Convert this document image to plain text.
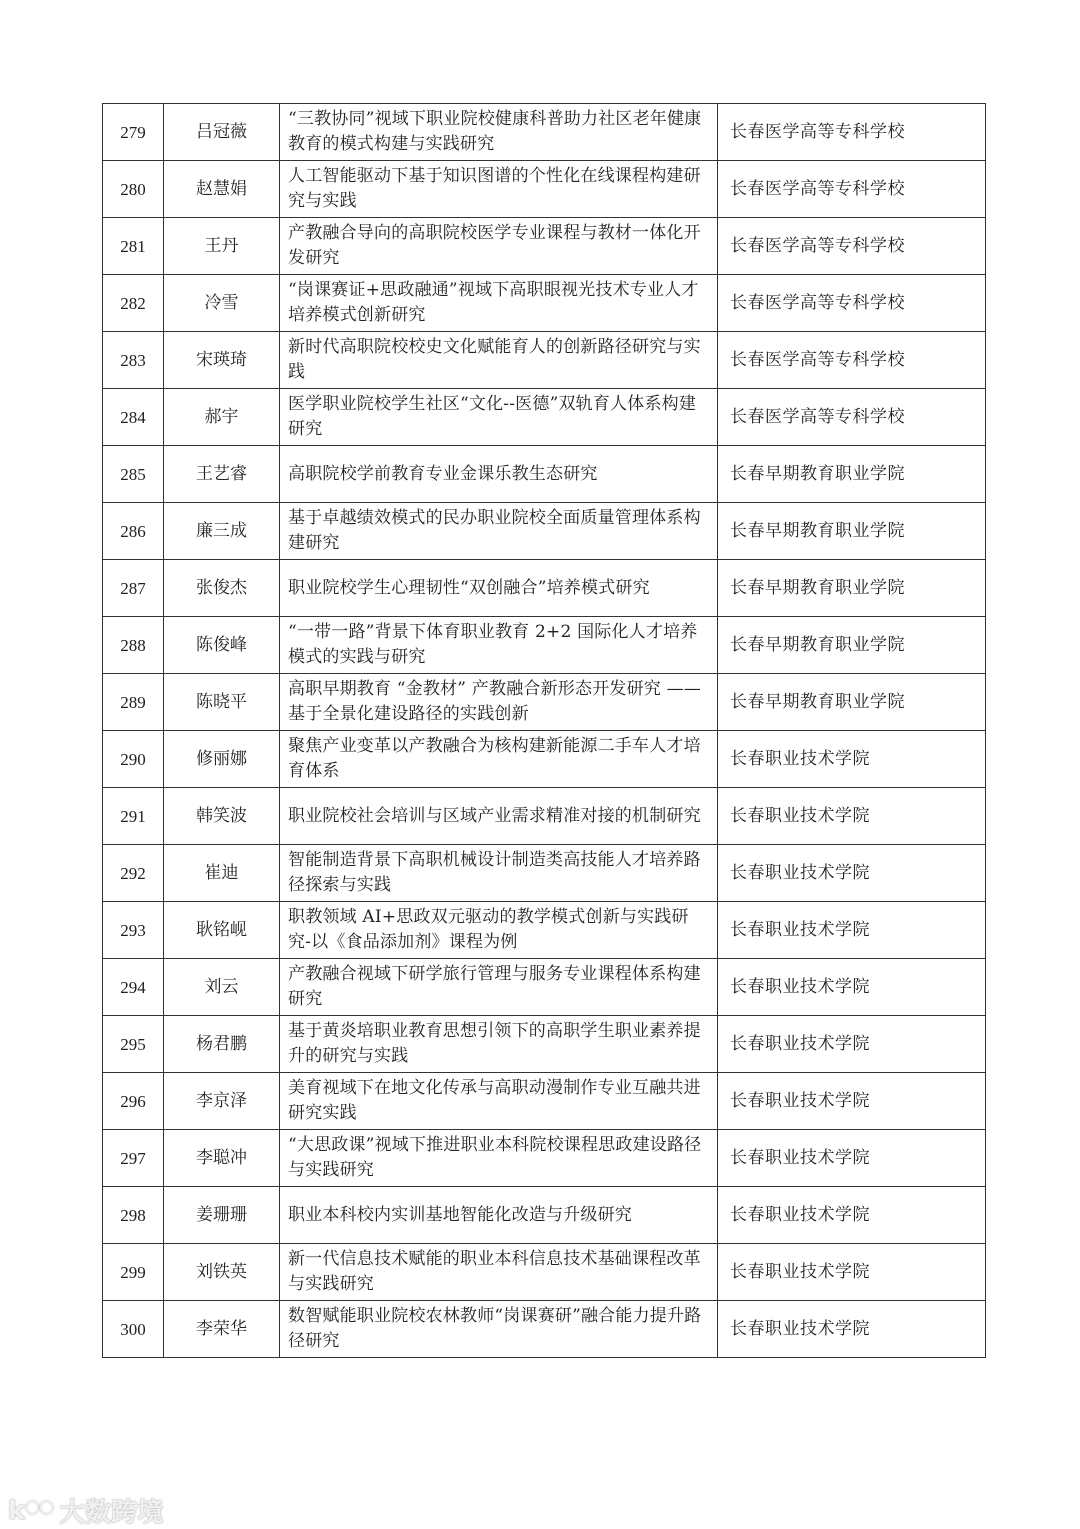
279	吕冠薇	“三教协同”视域下职业院校健康科普助力社区老年健康教育的模式构建与实践研究	长春医学高等专科学校
280	赵慧娟	人工智能驱动下基于知识图谱的个性化在线课程构建研究与实践	长春医学高等专科学校
281	王丹	产教融合导向的高职院校医学专业课程与教材一体化开发研究	长春医学高等专科学校
282	冷雪	“岗课赛证+思政融通”视域下高职眼视光技术专业人才培养模式创新研究	长春医学高等专科学校
283	宋瑛琦	新时代高职院校校史文化赋能育人的创新路径研究与实践	长春医学高等专科学校
284	郝宇	医学职业院校学生社区“文化--医德”双轨育人体系构建研究	长春医学高等专科学校
285	王艺睿	高职院校学前教育专业金课乐教生态研究	长春早期教育职业学院
286	廉三成	基于卓越绩效模式的民办职业院校全面质量管理体系构建研究	长春早期教育职业学院
287	张俊杰	职业院校学生心理韧性“双创融合”培养模式研究	长春早期教育职业学院
288	陈俊峰	“一带一路”背景下体育职业教育 2+2 国际化人才培养模式的实践与研究	长春早期教育职业学院
289	陈晓平	高职早期教育 “金教材” 产教融合新形态开发研究 —— 基于全景化建设路径的实践创新	长春早期教育职业学院
290	修丽娜	聚焦产业变革以产教融合为核构建新能源二手车人才培育体系	长春职业技术学院
291	韩笑波	职业院校社会培训与区域产业需求精准对接的机制研究	长春职业技术学院
292	崔迪	智能制造背景下高职机械设计制造类高技能人才培养路径探索与实践	长春职业技术学院
293	耿铭岘	职教领域 AI+思政双元驱动的教学模式创新与实践研究-以《食品添加剂》课程为例	长春职业技术学院
294	刘云	产教融合视域下研学旅行管理与服务专业课程体系构建研究	长春职业技术学院
295	杨君鹏	基于黄炎培职业教育思想引领下的高职学生职业素养提升的研究与实践	长春职业技术学院
296	李京泽	美育视域下在地文化传承与高职动漫制作专业互融共进研究实践	长春职业技术学院
297	李聪冲	“大思政课”视域下推进职业本科院校课程思政建设路径与实践研究	长春职业技术学院
298	姜珊珊	职业本科校内实训基地智能化改造与升级研究	长春职业技术学院
299	刘铁英	新一代信息技术赋能的职业本科信息技术基础课程改革与实践研究	长春职业技术学院
300	李荣华	数智赋能职业院校农林教师“岗课赛研”融合能力提升路径研究	长春职业技术学院
k 大数跨境
